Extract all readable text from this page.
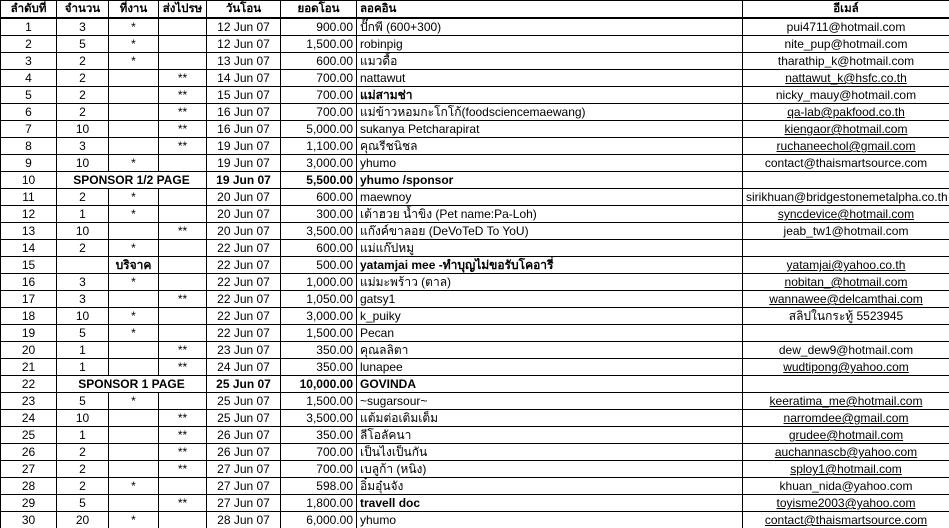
ลำดับที่	จำนวน	ที่งาน	ส่งไปรษ	วันโอน	ยอดโอน	ลอคอิน	อีเมล์
1	3	*		12 Jun 07	900.00	ปั๊กพี (600+300)	pui4711@hotmail.com
2	5	*		12 Jun 07	1,500.00	robinpig	nite_pup@hotmail.com
3	2	*		13 Jun 07	600.00	แมวดื้อ	tharathip_k@hotmail.com
4	2		**	14 Jun 07	700.00	nattawut	nattawut_k@hsfc.co.th
5	2		**	15 Jun 07	700.00	แม่สามช่า	nicky_mauy@hotmail.com
6	2		**	16 Jun 07	700.00	แม่ข้าวหอมกะโกโก้(foodsciencemaewang)	qa-lab@pakfood.co.th
7	10		**	16 Jun 07	5,000.00	sukanya Petcharapirat	kiengaor@hotmail.com
8	3		**	19 Jun 07	1,100.00	คุณรีชนิชล	ruchaneechol@gmail.com
9	10	*		19 Jun 07	3,000.00	yhumo	contact@thaismartsource.com
10	SPONSOR 1/2 PAGE			19 Jun 07	5,500.00	yhumo /sponsor	
11	2	*		20 Jun 07	600.00	maewnoy	sirikhuan@bridgestonemetalpha.co.th
12	1	*		20 Jun 07	300.00	เต้าฮวย น้ำขิง (Pet name:Pa-Loh)	syncdevice@hotmail.com
13	10		**	20 Jun 07	3,500.00	แก๊งค์ขาลอย (DeVoTeD To YoU)	jeab_tw1@hotmail.com
14	2	*		22 Jun 07	600.00	แม่แก๊ปหมู	
15		บริจาค		22 Jun 07	500.00	yatamjai mee -ทำบุญไม่ขอรับโคอารี่	yatamjai@yahoo.co.th
16	3	*		22 Jun 07	1,000.00	แม่มะพร้าว (ตาล)	nobitan_@hotmail.com
17	3		**	22 Jun 07	1,050.00	gatsy1	wannawee@delcamthai.com
18	10	*		22 Jun 07	3,000.00	k_puiky	สลิปในกระทู้ 5523945
19	5	*		22 Jun 07	1,500.00	Pecan	
20	1		**	23 Jun 07	350.00	คุณลลิตา	dew_dew9@hotmail.com
21	1		**	24 Jun 07	350.00	lunapee	wudtipong@yahoo.com
22	SPONSOR 1 PAGE			25 Jun 07	10,000.00	GOVINDA	
23	5	*		25 Jun 07	1,500.00	~sugarsour~	keeratima_me@hotmail.com
24	10		**	25 Jun 07	3,500.00	แต้มต่อเติมเต็ม	narromdee@gmail.com
25	1		**	26 Jun 07	350.00	ลีโอลัคนา	grudee@hotmail.com
26	2		**	26 Jun 07	700.00	เป็นไงเป็นกัน	auchannascb@yahoo.com
27	2		**	27 Jun 07	700.00	เบลูก้า (หนิง)	sploy1@hotmail.com
28	2	*		27 Jun 07	598.00	อิ๋มอุ๋นจัง	khuan_nida@yahoo.com
29	5		**	27 Jun 07	1,800.00	travell doc	toyisme2003@yahoo.com
30	20	*		28 Jun 07	6,000.00	yhumo	contact@thaismartsource.com
